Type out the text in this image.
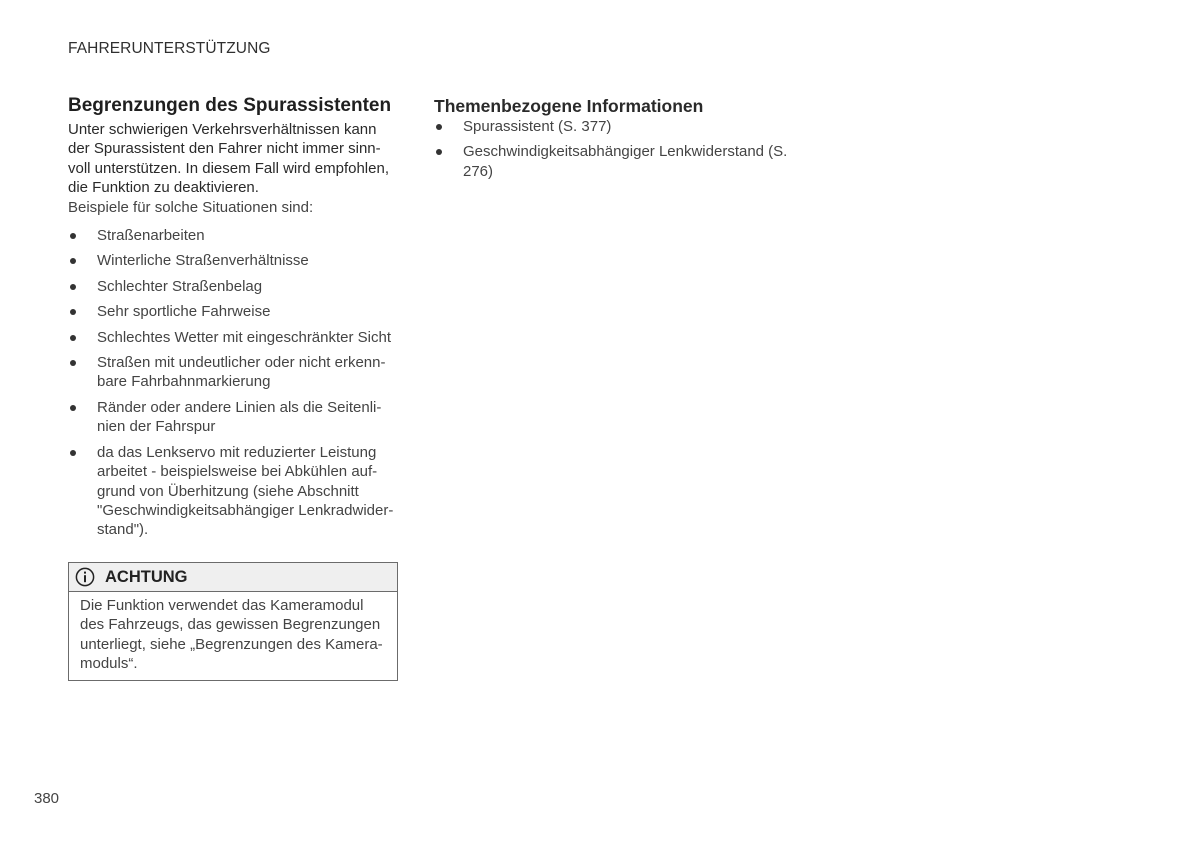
FAHRERUNTERSTÜTZUNG
Begrenzungen des Spurassistenten

Unter schwierigen Verkehrsverhältnissen kann der Spurassistent den Fahrer nicht immer sinn-voll unterstützen. In diesem Fall wird empfohlen, die Funktion zu deaktivieren.

Beispiele für solche Situationen sind:

Straßenarbeiten
Winterliche Straßenverhältnisse
Schlechter Straßenbelag
Sehr sportliche Fahrweise
Schlechtes Wetter mit eingeschränkter Sicht
Straßen mit undeutlicher oder nicht erkenn-bare Fahrbahnmarkierung
Ränder oder andere Linien als die Seitenli-nien der Fahrspur
da das Lenkservo mit reduzierter Leistung arbeitet - beispielsweise bei Abkühlen auf-grund von Überhitzung (siehe Abschnitt "Geschwindigkeitsabhängiger Lenkradwider-stand").
ACHTUNG
Die Funktion verwendet das Kameramodul des Fahrzeugs, das gewissen Begrenzungen unterliegt, siehe „Begrenzungen des Kamera-moduls“.
Themenbezogene Informationen
Spurassistent (S. 377)
Geschwindigkeitsabhängiger Lenkwiderstand (S. 276)
380
